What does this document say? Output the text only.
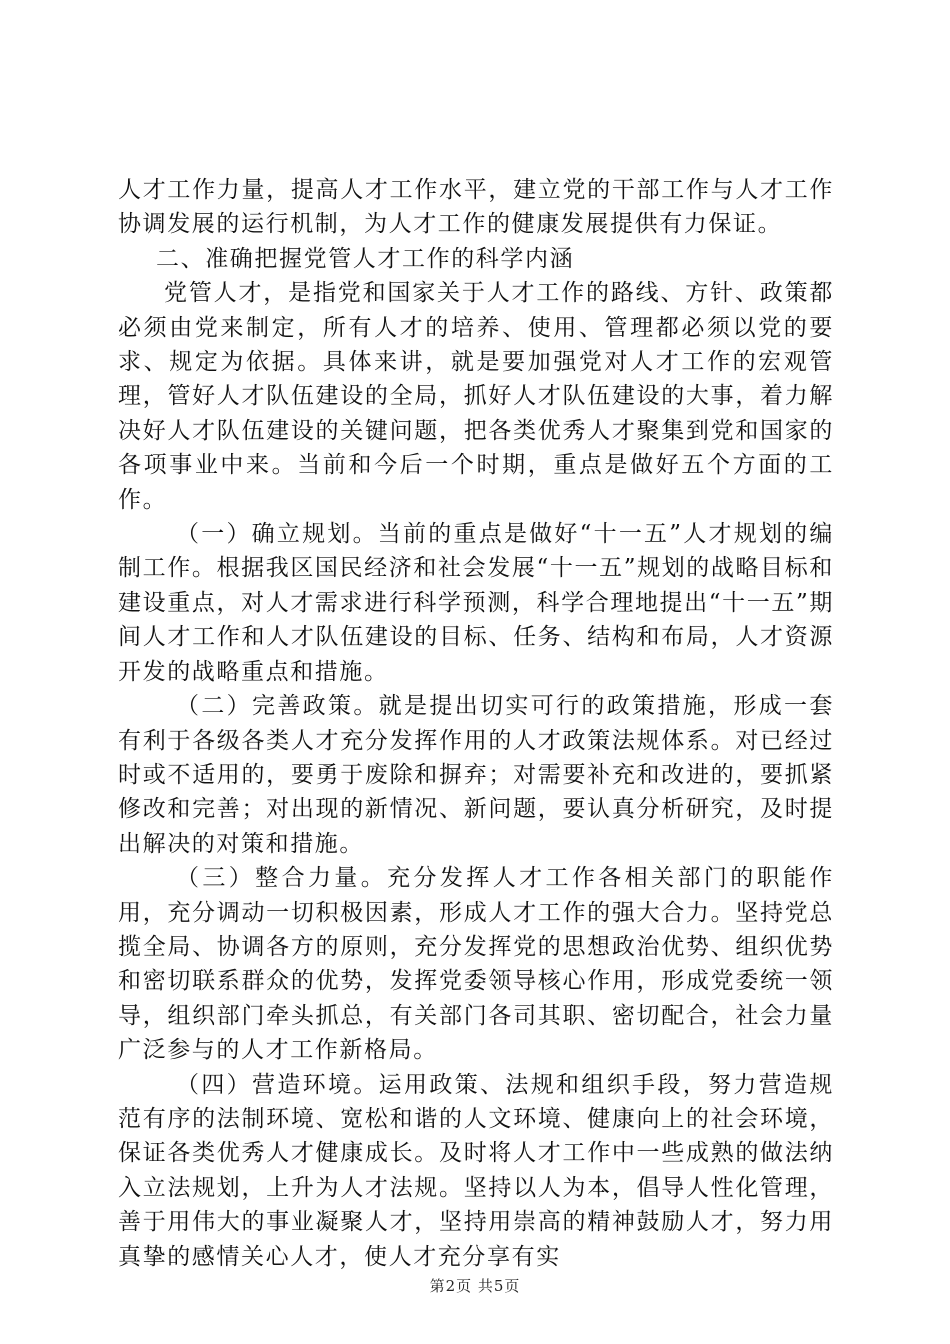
人才工作力量，提高人才工作水平，建立党的干部工作与人才工作协调发展的运行机制，为人才工作的健康发展提供有力保证。

二、准确把握党管人才工作的科学内涵

党管人才，是指党和国家关于人才工作的路线、方针、政策都必须由党来制定，所有人才的培养、使用、管理都必须以党的要求、规定为依据。具体来讲，就是要加强党对人才工作的宏观管理，管好人才队伍建设的全局，抓好人才队伍建设的大事，着力解决好人才队伍建设的关键问题，把各类优秀人才聚集到党和国家的各项事业中来。当前和今后一个时期，重点是做好五个方面的工作。

（一）确立规划。当前的重点是做好“十一五”人才规划的编制工作。根据我区国民经济和社会发展“十一五”规划的战略目标和建设重点，对人才需求进行科学预测，科学合理地提出“十一五”期间人才工作和人才队伍建设的目标、任务、结构和布局，人才资源开发的战略重点和措施。

（二）完善政策。就是提出切实可行的政策措施，形成一套有利于各级各类人才充分发挥作用的人才政策法规体系。对已经过时或不适用的，要勇于废除和摒弃；对需要补充和改进的，要抓紧修改和完善；对出现的新情况、新问题，要认真分析研究，及时提出解决的对策和措施。

（三）整合力量。充分发挥人才工作各相关部门的职能作用，充分调动一切积极因素，形成人才工作的强大合力。坚持党总揽全局、协调各方的原则，充分发挥党的思想政治优势、组织优势和密切联系群众的优势，发挥党委领导核心作用，形成党委统一领导，组织部门牵头抓总，有关部门各司其职、密切配合，社会力量广泛参与的人才工作新格局。

（四）营造环境。运用政策、法规和组织手段，努力营造规范有序的法制环境、宽松和谐的人文环境、健康向上的社会环境，保证各类优秀人才健康成长。及时将人才工作中一些成熟的做法纳入立法规划，上升为人才法规。坚持以人为本，倡导人性化管理，善于用伟大的事业凝聚人才，坚持用崇高的精神鼓励人才，努力用真挚的感情关心人才，使人才充分享有实

第2页 共5页
